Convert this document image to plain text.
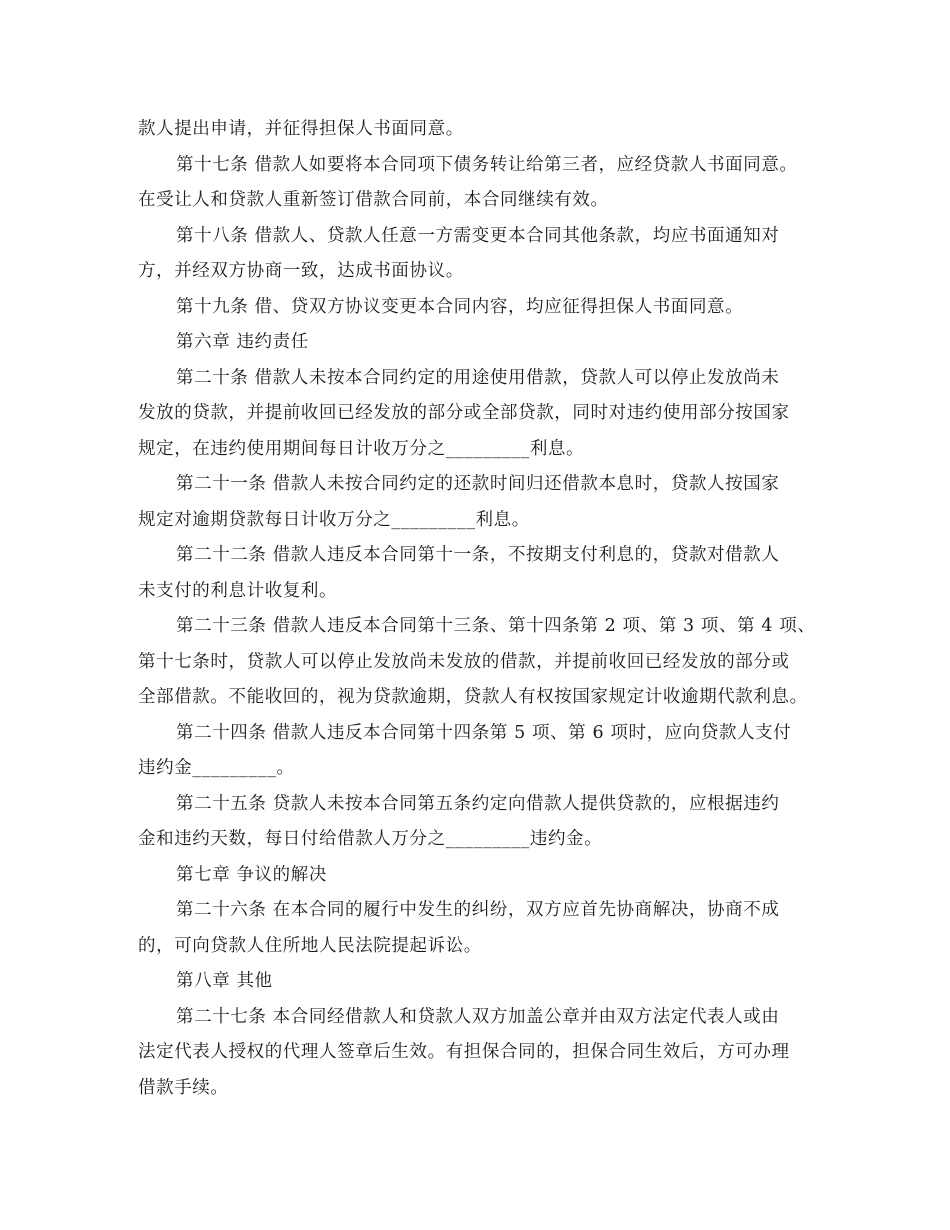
款人提出申请，并征得担保人书面同意。
第十七条 借款人如要将本合同项下债务转让给第三者，应经贷款人书面同意。
在受让人和贷款人重新签订借款合同前，本合同继续有效。
第十八条 借款人、贷款人任意一方需变更本合同其他条款，均应书面通知对
方，并经双方协商一致，达成书面协议。
第十九条 借、贷双方协议变更本合同内容，均应征得担保人书面同意。
第六章 违约责任
第二十条 借款人未按本合同约定的用途使用借款，贷款人可以停止发放尚未
发放的贷款，并提前收回已经发放的部分或全部贷款，同时对违约使用部分按国家
规定，在违约使用期间每日计收万分之_________利息。
第二十一条 借款人未按合同约定的还款时间归还借款本息时，贷款人按国家
规定对逾期贷款每日计收万分之_________利息。
第二十二条 借款人违反本合同第十一条，不按期支付利息的，贷款对借款人
未支付的利息计收复利。
第二十三条 借款人违反本合同第十三条、第十四条第 2 项、第 3 项、第 4 项、
第十七条时，贷款人可以停止发放尚未发放的借款，并提前收回已经发放的部分或
全部借款。不能收回的，视为贷款逾期，贷款人有权按国家规定计收逾期代款利息。
第二十四条 借款人违反本合同第十四条第 5 项、第 6 项时，应向贷款人支付
违约金_________。
第二十五条 贷款人未按本合同第五条约定向借款人提供贷款的，应根据违约
金和违约天数，每日付给借款人万分之_________违约金。
第七章 争议的解决
第二十六条 在本合同的履行中发生的纠纷，双方应首先协商解决，协商不成
的，可向贷款人住所地人民法院提起诉讼。
第八章 其他
第二十七条 本合同经借款人和贷款人双方加盖公章并由双方法定代表人或由
法定代表人授权的代理人签章后生效。有担保合同的，担保合同生效后，方可办理
借款手续。
